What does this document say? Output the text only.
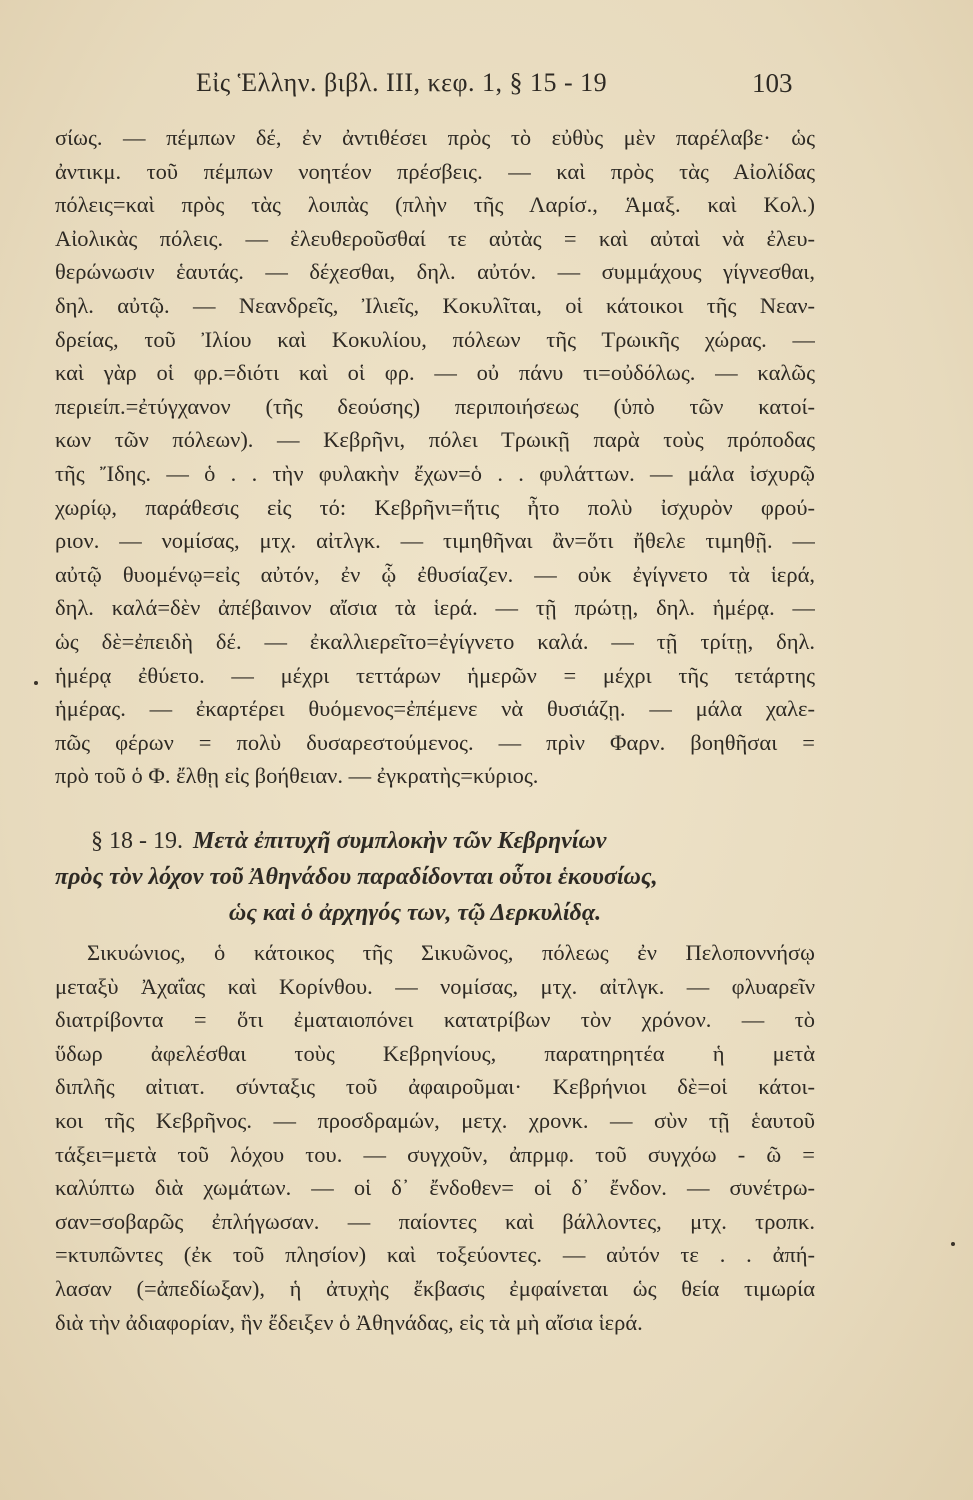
Εἰς Ἑλλην. βιβλ. III, κεφ. 1, § 15 - 19	103
σίως. — πέμπων δέ, ἐν ἀντιθέσει πρὸς τὸ εὐθὺς μὲν παρέλαβε· ὡς
ἀντικμ. τοῦ πέμπων νοητέον πρέσβεις. — καὶ πρὸς τὰς Αἰολίδας
πόλεις=καὶ πρὸς τὰς λοιπὰς (πλὴν τῆς Λαρίσ., Ἁμαξ. καὶ Κολ.)
Αἰολικὰς πόλεις. — ἐλευθεροῦσθαί τε αὐτὰς = καὶ αὐταὶ νὰ ἐλευ-
θερώνωσιν ἑαυτάς. — δέχεσθαι, δηλ. αὐτόν. — συμμάχους γίγνεσθαι,
δηλ. αὐτῷ. — Νεανδρεῖς, Ἰλιεῖς, Κοκυλῖται, οἱ κάτοικοι τῆς Νεαν-
δρείας, τοῦ Ἰλίου καὶ Κοκυλίου, πόλεων τῆς Τρωικῆς χώρας. —
καὶ γὰρ οἱ φρ.=διότι καὶ οἱ φρ. — οὐ πάνυ τι=οὐδόλως. — καλῶς
περιείπ.=ἐτύγχανον (τῆς δεούσης) περιποιήσεως (ὑπὸ τῶν κατοί-
κων τῶν πόλεων). — Κεβρῆνι, πόλει Τρωικῇ παρὰ τοὺς πρόποδας
τῆς Ἴδης. — ὁ . . τὴν φυλακὴν ἔχων=ὁ . . φυλάττων. — μάλα ἰσχυρῷ
χωρίῳ, παράθεσις εἰς τό: Κεβρῆνι=ἥτις ἦτο πολὺ ἰσχυρὸν φρού-
ριον. — νομίσας, μτχ. αἰτλγκ. — τιμηθῆναι ἂν=ὅτι ἤθελε τιμηθῇ. —
αὐτῷ θυομένῳ=εἰς αὐτόν, ἐν ᾧ ἐθυσίαζεν. — οὐκ ἐγίγνετο τὰ ἱερά,
δηλ. καλά=δὲν ἀπέβαινον αἴσια τὰ ἱερά. — τῇ πρώτῃ, δηλ. ἡμέρᾳ. —
ὡς δὲ=ἐπειδὴ δέ. — ἐκαλλιερεῖτο=ἐγίγνετο καλά. — τῇ τρίτῃ, δηλ.
ἡμέρᾳ ἐθύετο. — μέχρι τεττάρων ἡμερῶν = μέχρι τῆς τετάρτης
ἡμέρας. — ἐκαρτέρει θυόμενος=ἐπέμενε νὰ θυσιάζῃ. — μάλα χαλε-
πῶς φέρων = πολὺ δυσαρεστούμενος. — πρὶν Φαρν. βοηθῆσαι =
πρὸ τοῦ ὁ Φ. ἔλθῃ εἰς βοήθειαν. — ἐγκρατὴς=κύριος.
§ 18 - 19. Μετὰ ἐπιτυχῆ συμπλοκὴν τῶν Κεβρηνίων
πρὸς τὸν λόχον τοῦ Ἀθηνάδου παραδίδονται οὗτοι ἑκουσίως,
ὡς καὶ ὁ ἀρχηγός των, τῷ Δερκυλίδᾳ.
Σικυώνιος, ὁ κάτοικος τῆς Σικυῶνος, πόλεως ἐν Πελοποννήσῳ
μεταξὺ Ἀχαΐας καὶ Κορίνθου. — νομίσας, μτχ. αἰτλγκ. — φλυαρεῖν
διατρίβοντα = ὅτι ἐματαιοπόνει κατατρίβων τὸν χρόνον. — τὸ
ὕδωρ ἀφελέσθαι τοὺς Κεβρηνίους, παρατηρητέα ἡ μετὰ
διπλῆς αἰτιατ. σύνταξις τοῦ ἀφαιροῦμαι· Κεβρήνιοι δὲ=οἱ κάτοι-
κοι τῆς Κεβρῆνος. — προσδραμών, μετχ. χρονκ. — σὺν τῇ ἑαυτοῦ
τάξει=μετὰ τοῦ λόχου του. — συγχοῦν, ἀπρμφ. τοῦ συγχόω - ῶ =
καλύπτω διὰ χωμάτων. — οἱ δ᾽ ἔνδοθεν= οἱ δ᾽ ἔνδον. — συνέτρω-
σαν=σοβαρῶς ἐπλήγωσαν. — παίοντες καὶ βάλλοντες, μτχ. τροπκ.
=κτυπῶντες (ἐκ τοῦ πλησίον) καὶ τοξεύοντες. — αὐτόν τε . . ἀπή-
λασαν (=ἀπεδίωξαν), ἡ ἀτυχὴς ἔκβασις ἐμφαίνεται ὡς θεία τιμωρία
διὰ τὴν ἀδιαφορίαν, ἣν ἔδειξεν ὁ Ἀθηνάδας, εἰς τὰ μὴ αἴσια ἱερά.
